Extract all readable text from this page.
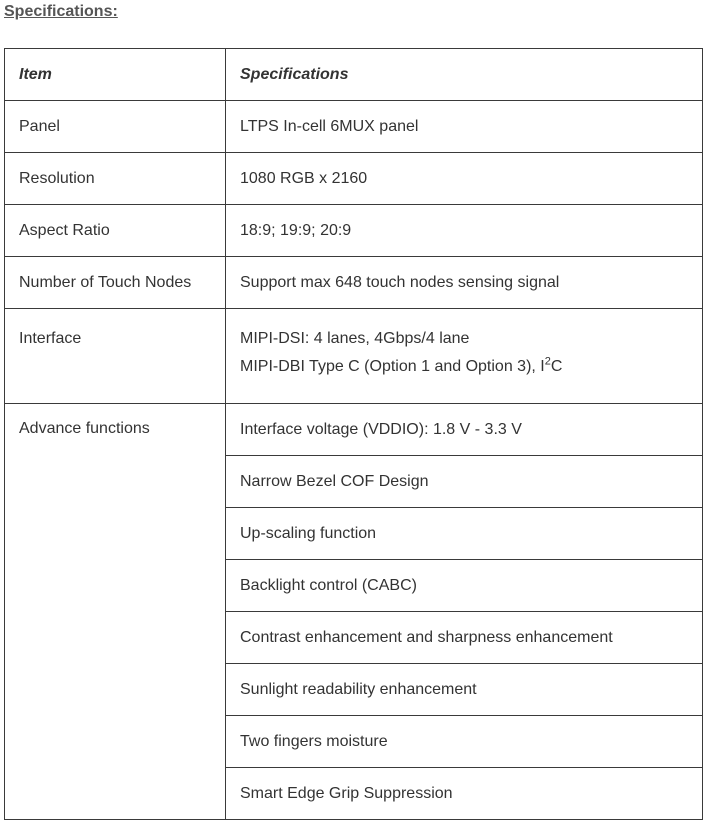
Specifications:
Item	Specifications
Panel	LTPS In-cell 6MUX panel
Resolution	1080 RGB x 2160
Aspect Ratio	18:9; 19:9; 20:9
Number of Touch Nodes	Support max 648 touch nodes sensing signal
Interface	MIPI-DSI: 4 lanes, 4Gbps/4 lane
MIPI-DBI Type C (Option 1 and Option 3), $I^2C$

Advance functions	Interface voltage (VDDIO): 1.8 V - 3.3 V
	Narrow Bezel COF Design
	Up-scaling function
	Backlight control (CABC)
	Contrast enhancement and sharpness enhancement
	Sunlight readability enhancement
	Two fingers moisture
	Smart Edge Grip Suppression
